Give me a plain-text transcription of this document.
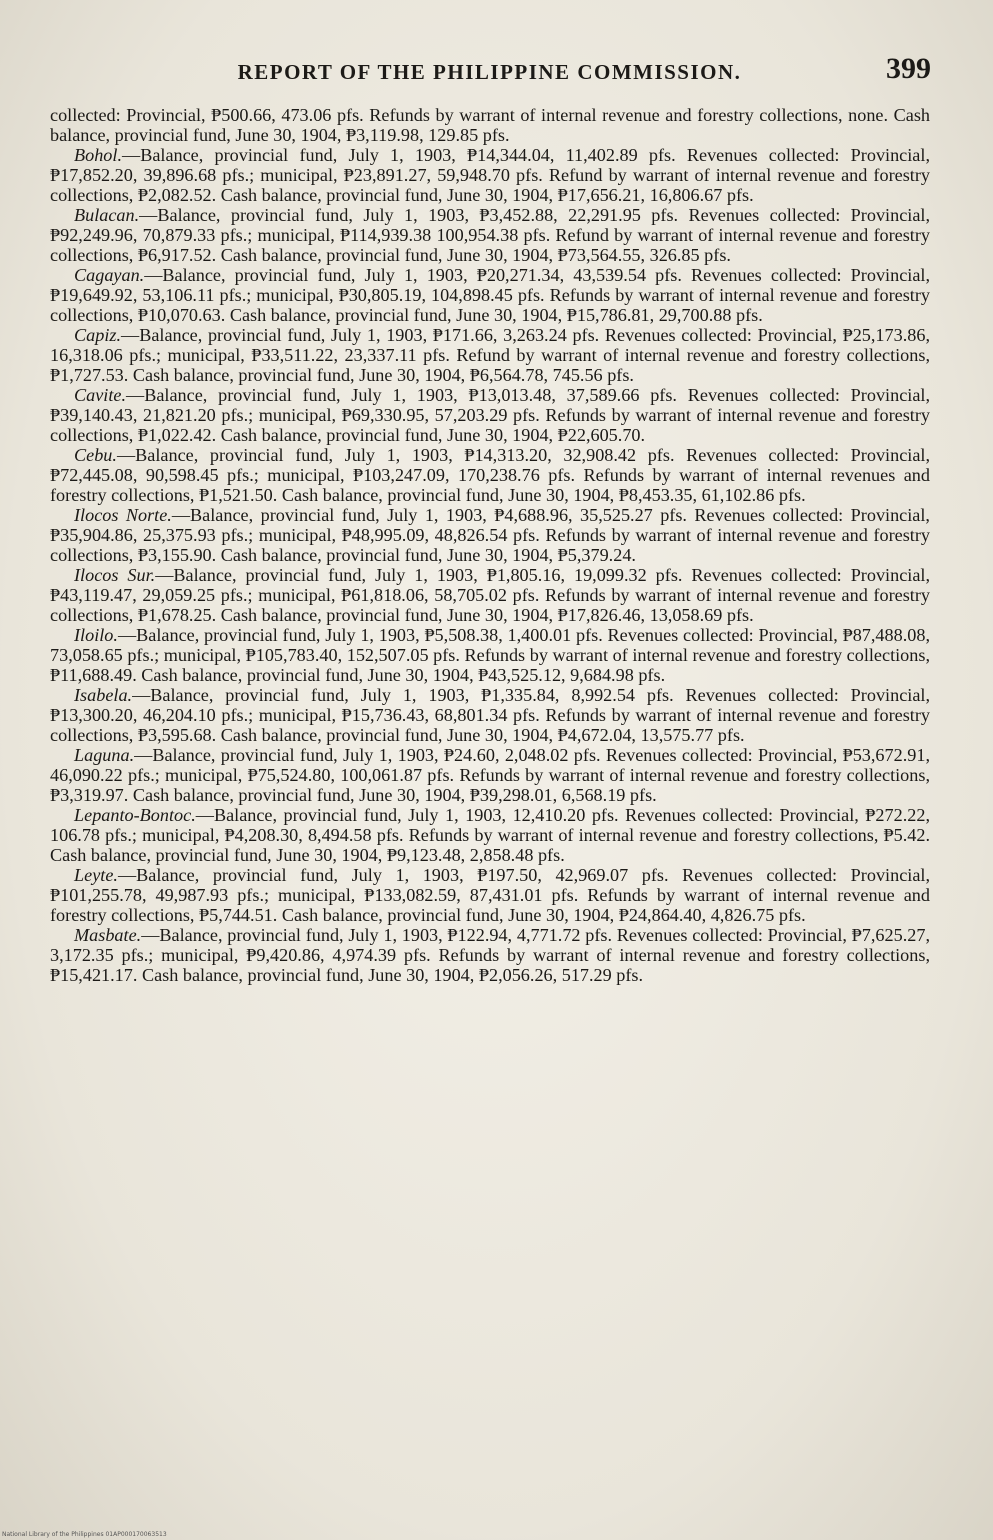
REPORT OF THE PHILIPPINE COMMISSION.	399

collected: Provincial, ₱500.66, 473.06 pfs. Refunds by warrant of internal revenue and forestry collections, none. Cash balance, provincial fund, June 30, 1904, ₱3,119.98, 129.85 pfs.

Bohol.—Balance, provincial fund, July 1, 1903, ₱14,344.04, 11,402.89 pfs. Revenues collected: Provincial, ₱17,852.20, 39,896.68 pfs.; municipal, ₱23,891.27, 59,948.70 pfs. Refund by warrant of internal revenue and forestry collections, ₱2,082.52. Cash balance, provincial fund, June 30, 1904, ₱17,656.21, 16,806.67 pfs.

Bulacan.—Balance, provincial fund, July 1, 1903, ₱3,452.88, 22,291.95 pfs. Revenues collected: Provincial, ₱92,249.96, 70,879.33 pfs.; municipal, ₱114,939.38 100,954.38 pfs. Refund by warrant of internal revenue and forestry collections, ₱6,917.52. Cash balance, provincial fund, June 30, 1904, ₱73,564.55, 326.85 pfs.

Cagayan.—Balance, provincial fund, July 1, 1903, ₱20,271.34, 43,539.54 pfs. Revenues collected: Provincial, ₱19,649.92, 53,106.11 pfs.; municipal, ₱30,805.19, 104,898.45 pfs. Refunds by warrant of internal revenue and forestry collections, ₱10,070.63. Cash balance, provincial fund, June 30, 1904, ₱15,786.81, 29,700.88 pfs.

Capiz.—Balance, provincial fund, July 1, 1903, ₱171.66, 3,263.24 pfs. Revenues collected: Provincial, ₱25,173.86, 16,318.06 pfs.; municipal, ₱33,511.22, 23,337.11 pfs. Refund by warrant of internal revenue and forestry collections, ₱1,727.53. Cash balance, provincial fund, June 30, 1904, ₱6,564.78, 745.56 pfs.

Cavite.—Balance, provincial fund, July 1, 1903, ₱13,013.48, 37,589.66 pfs. Revenues collected: Provincial, ₱39,140.43, 21,821.20 pfs.; municipal, ₱69,330.95, 57,203.29 pfs. Refunds by warrant of internal revenue and forestry collections, ₱1,022.42. Cash balance, provincial fund, June 30, 1904, ₱22,605.70.

Cebu.—Balance, provincial fund, July 1, 1903, ₱14,313.20, 32,908.42 pfs. Revenues collected: Provincial, ₱72,445.08, 90,598.45 pfs.; municipal, ₱103,247.09, 170,238.76 pfs. Refunds by warrant of internal revenues and forestry collections, ₱1,521.50. Cash balance, provincial fund, June 30, 1904, ₱8,453.35, 61,102.86 pfs.

Ilocos Norte.—Balance, provincial fund, July 1, 1903, ₱4,688.96, 35,525.27 pfs. Revenues collected: Provincial, ₱35,904.86, 25,375.93 pfs.; municipal, ₱48,995.09, 48,826.54 pfs. Refunds by warrant of internal revenue and forestry collections, ₱3,155.90. Cash balance, provincial fund, June 30, 1904, ₱5,379.24.

Ilocos Sur.—Balance, provincial fund, July 1, 1903, ₱1,805.16, 19,099.32 pfs. Revenues collected: Provincial, ₱43,119.47, 29,059.25 pfs.; municipal, ₱61,818.06, 58,705.02 pfs. Refunds by warrant of internal revenue and forestry collections, ₱1,678.25. Cash balance, provincial fund, June 30, 1904, ₱17,826.46, 13,058.69 pfs.

Iloilo.—Balance, provincial fund, July 1, 1903, ₱5,508.38, 1,400.01 pfs. Revenues collected: Provincial, ₱87,488.08, 73,058.65 pfs.; municipal, ₱105,783.40, 152,507.05 pfs. Refunds by warrant of internal revenue and forestry collections, ₱11,688.49. Cash balance, provincial fund, June 30, 1904, ₱43,525.12, 9,684.98 pfs.

Isabela.—Balance, provincial fund, July 1, 1903, ₱1,335.84, 8,992.54 pfs. Revenues collected: Provincial, ₱13,300.20, 46,204.10 pfs.; municipal, ₱15,736.43, 68,801.34 pfs. Refunds by warrant of internal revenue and forestry collections, ₱3,595.68. Cash balance, provincial fund, June 30, 1904, ₱4,672.04, 13,575.77 pfs.

Laguna.—Balance, provincial fund, July 1, 1903, ₱24.60, 2,048.02 pfs. Revenues collected: Provincial, ₱53,672.91, 46,090.22 pfs.; municipal, ₱75,524.80, 100,061.87 pfs. Refunds by warrant of internal revenue and forestry collections, ₱3,319.97. Cash balance, provincial fund, June 30, 1904, ₱39,298.01, 6,568.19 pfs.

Lepanto-Bontoc.—Balance, provincial fund, July 1, 1903, 12,410.20 pfs. Revenues collected: Provincial, ₱272.22, 106.78 pfs.; municipal, ₱4,208.30, 8,494.58 pfs. Refunds by warrant of internal revenue and forestry collections, ₱5.42. Cash balance, provincial fund, June 30, 1904, ₱9,123.48, 2,858.48 pfs.

Leyte.—Balance, provincial fund, July 1, 1903, ₱197.50, 42,969.07 pfs. Revenues collected: Provincial, ₱101,255.78, 49,987.93 pfs.; municipal, ₱133,082.59, 87,431.01 pfs. Refunds by warrant of internal revenue and forestry collections, ₱5,744.51. Cash balance, provincial fund, June 30, 1904, ₱24,864.40, 4,826.75 pfs.

Masbate.—Balance, provincial fund, July 1, 1903, ₱122.94, 4,771.72 pfs. Revenues collected: Provincial, ₱7,625.27, 3,172.35 pfs.; municipal, ₱9,420.86, 4,974.39 pfs. Refunds by warrant of internal revenue and forestry collections, ₱15,421.17. Cash balance, provincial fund, June 30, 1904, ₱2,056.26, 517.29 pfs.

National Library of the Philippines 01AP000170063513
